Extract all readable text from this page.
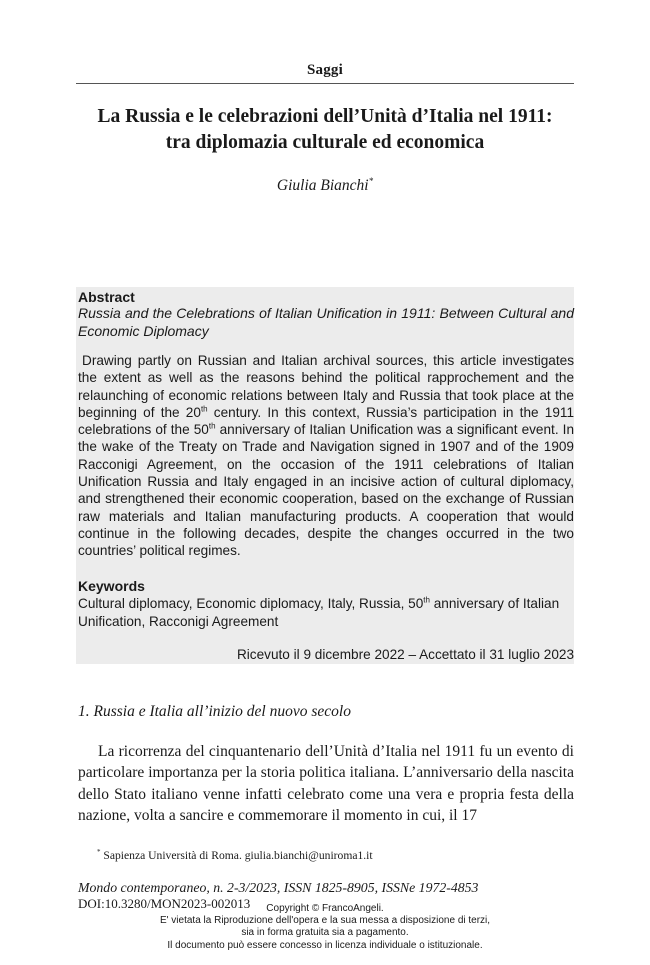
Saggi
La Russia e le celebrazioni dell’Unità d’Italia nel 1911:
tra diplomazia culturale ed economica
Giulia Bianchi*
Abstract
Russia and the Celebrations of Italian Unification in 1911: Between Cultural and Economic Diplomacy
Drawing partly on Russian and Italian archival sources, this article investigates the extent as well as the reasons behind the political rapprochement and the relaunching of economic relations between Italy and Russia that took place at the beginning of the 20th century. In this context, Russia’s participation in the 1911 celebrations of the 50th anniversary of Italian Unification was a significant event. In the wake of the Treaty on Trade and Navigation signed in 1907 and of the 1909 Racconigi Agreement, on the occasion of the 1911 celebrations of Italian Unification Russia and Italy engaged in an incisive action of cultural diplomacy, and strengthened their economic cooperation, based on the exchange of Russian raw materials and Italian manufacturing products. A cooperation that would continue in the following decades, despite the changes occurred in the two countries’ political regimes.
Keywords
Cultural diplomacy, Economic diplomacy, Italy, Russia, 50th anniversary of Italian Unification, Racconigi Agreement
Ricevuto il 9 dicembre 2022 – Accettato il 31 luglio 2023
1. Russia e Italia all’inizio del nuovo secolo
La ricorrenza del cinquantenario dell’Unità d’Italia nel 1911 fu un evento di particolare importanza per la storia politica italiana. L’anniversario della nascita dello Stato italiano venne infatti celebrato come una vera e propria festa della nazione, volta a sancire e commemorare il momento in cui, il 17
* Sapienza Università di Roma. giulia.bianchi@uniroma1.it
Mondo contemporaneo, n. 2-3/2023, ISSN 1825-8905, ISSNe 1972-4853
DOI:10.3280/MON2023-002013	Copyright © FrancoAngeli.
E' vietata la Riproduzione dell'opera e la sua messa a disposizione di terzi,
sia in forma gratuita sia a pagamento.
Il documento può essere concesso in licenza individuale o istituzionale.
